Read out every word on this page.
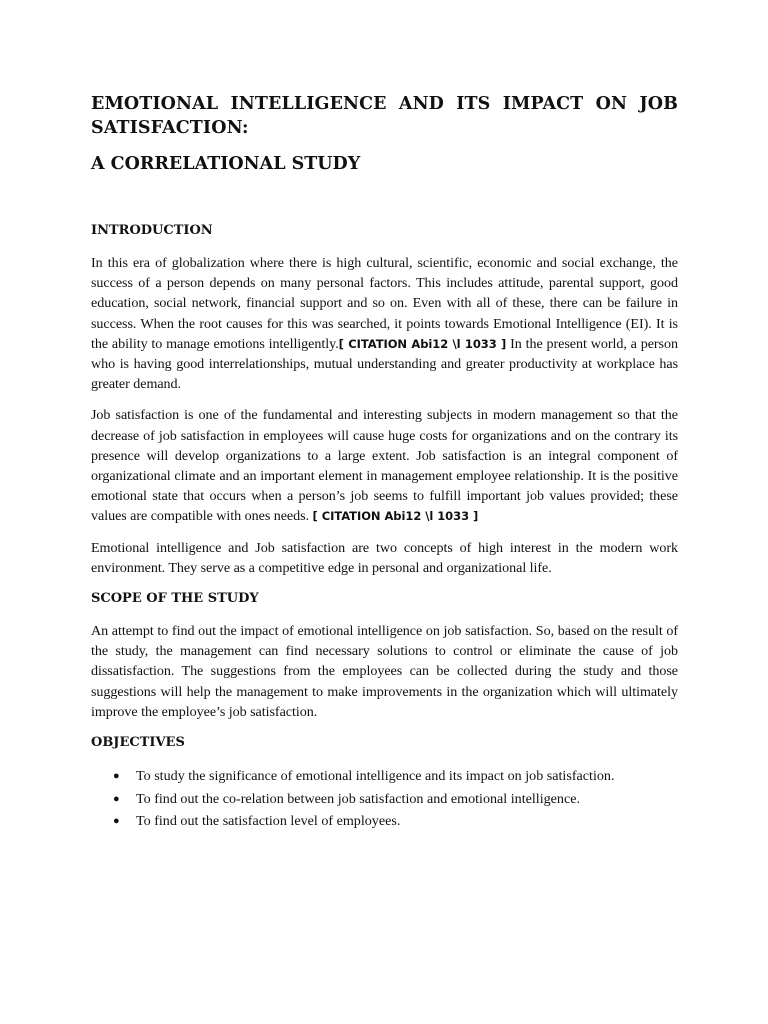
EMOTIONAL INTELLIGENCE AND ITS IMPACT ON JOB SATISFACTION:
A CORRELATIONAL STUDY
INTRODUCTION

In this era of globalization where there is high cultural, scientific, economic and social exchange, the success of a person depends on many personal factors. This includes attitude, parental support, good education, social network, financial support and so on. Even with all of these, there can be failure in success. When the root causes for this was searched, it points towards Emotional Intelligence (EI). It is the ability to manage emotions intelligently.[ CITATION Abi12 \l 1033 ] In the present world, a person who is having good interrelationships, mutual understanding and greater productivity at workplace has greater demand.

Job satisfaction is one of the fundamental and interesting subjects in modern management so that the decrease of job satisfaction in employees will cause huge costs for organizations and on the contrary its presence will develop organizations to a large extent. Job satisfaction is an integral component of organizational climate and an important element in management employee relationship. It is the positive emotional state that occurs when a person’s job seems to fulfill important job values provided; these values are compatible with ones needs. [ CITATION Abi12 \l 1033 ]

Emotional intelligence and Job satisfaction are two concepts of high interest in the modern work environment. They serve as a competitive edge in personal and organizational life.

SCOPE OF THE STUDY

An attempt to find out the impact of emotional intelligence on job satisfaction. So, based on the result of the study, the management can find necessary solutions to control or eliminate the cause of job dissatisfaction. The suggestions from the employees can be collected during the study and those suggestions will help the management to make improvements in the organization which will ultimately improve the employee’s job satisfaction.

OBJECTIVES
● To study the significance of emotional intelligence and its impact on job satisfaction.
● To find out the co-relation between job satisfaction and emotional intelligence.
● To find out the satisfaction level of employees.
